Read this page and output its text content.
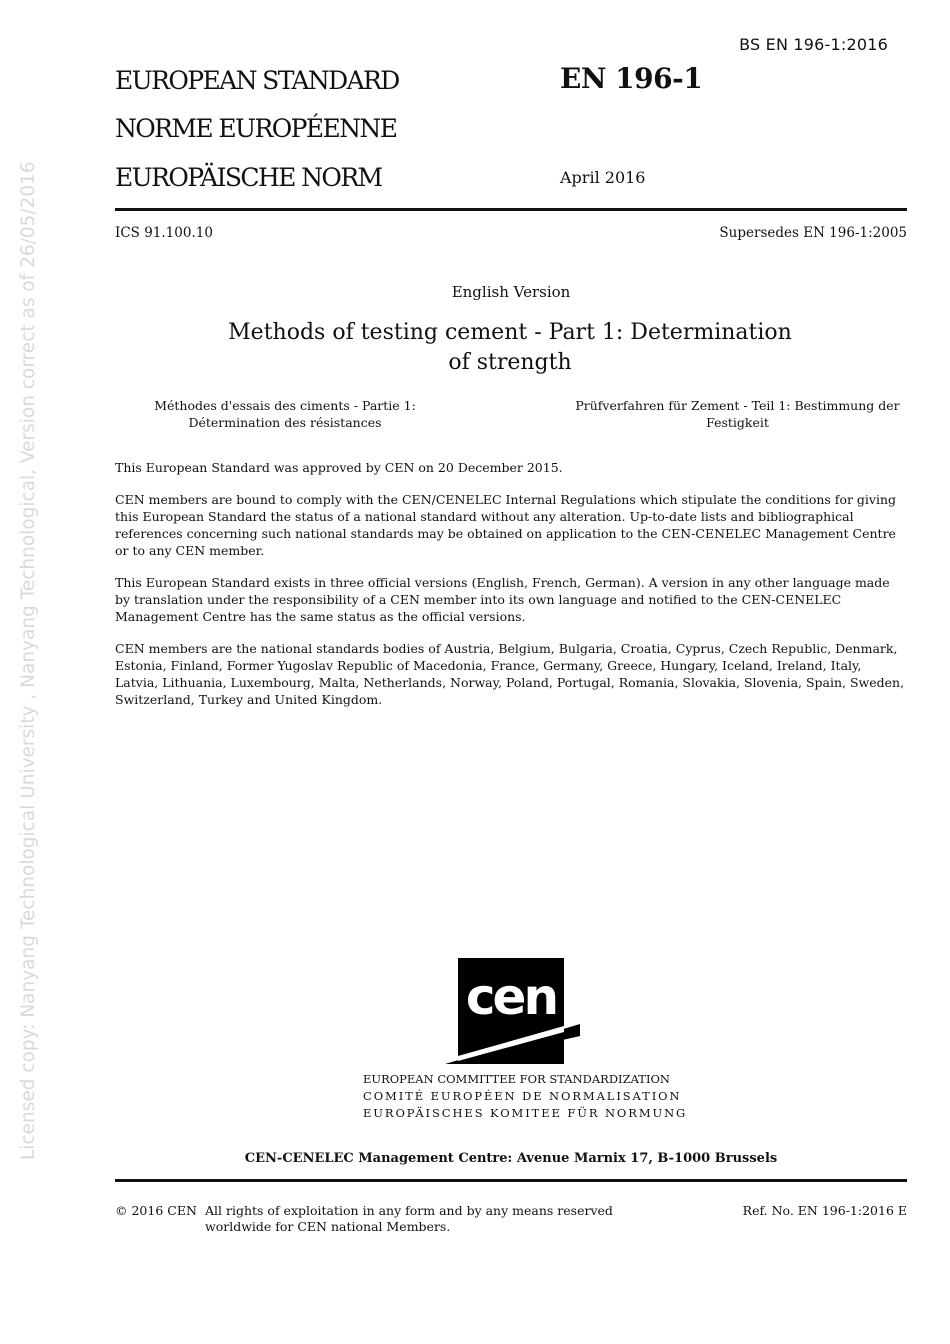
BS EN 196-1:2016
EUROPEAN STANDARD
NORME EUROPÉENNE
EUROPÄISCHE NORM
EN 196-1
April 2016
ICS 91.100.10	Supersedes EN 196-1:2005
English Version
Methods of testing cement - Part 1: Determination of strength
Méthodes d'essais des ciments - Partie 1: Détermination des résistances
Prüfverfahren für Zement - Teil 1: Bestimmung der Festigkeit
This European Standard was approved by CEN on 20 December 2015.
CEN members are bound to comply with the CEN/CENELEC Internal Regulations which stipulate the conditions for giving this European Standard the status of a national standard without any alteration. Up-to-date lists and bibliographical references concerning such national standards may be obtained on application to the CEN-CENELEC Management Centre or to any CEN member.
This European Standard exists in three official versions (English, French, German). A version in any other language made by translation under the responsibility of a CEN member into its own language and notified to the CEN-CENELEC Management Centre has the same status as the official versions.
CEN members are the national standards bodies of Austria, Belgium, Bulgaria, Croatia, Cyprus, Czech Republic, Denmark, Estonia, Finland, Former Yugoslav Republic of Macedonia, France, Germany, Greece, Hungary, Iceland, Ireland, Italy, Latvia, Lithuania, Luxembourg, Malta, Netherlands, Norway, Poland, Portugal, Romania, Slovakia, Slovenia, Spain, Sweden, Switzerland, Turkey and United Kingdom.
Licensed copy: Nanyang Technological University , Nanyang Technological, Version correct as of 26/05/2016	cen
EUROPEAN COMMITTEE FOR STANDARDIZATION
COMITÉ EUROPÉEN DE NORMALISATION
EUROPÄISCHES KOMITEE FÜR NORMUNG
CEN-CENELEC Management Centre: Avenue Marnix 17, B-1000 Brussels
© 2016 CEN All rights of exploitation in any form and by any means reserved
worldwide for CEN national Members.
Ref. No. EN 196-1:2016 E
